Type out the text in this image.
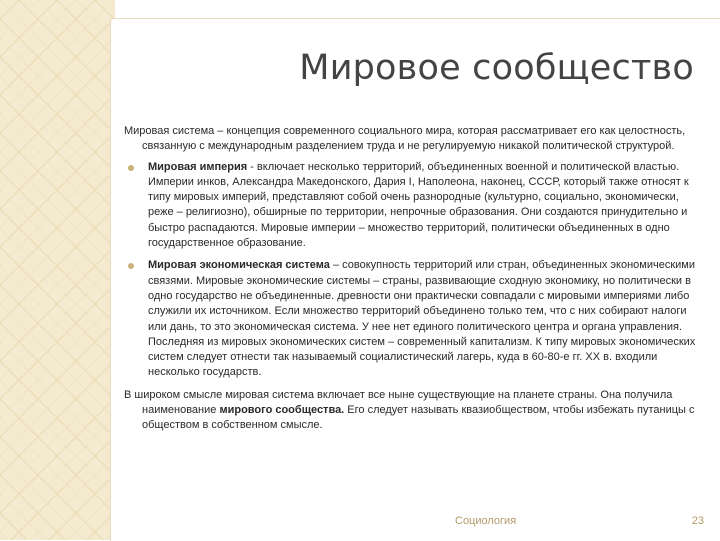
Мировое сообщество

Мировая система – концепция современного социального мира, которая рассматривает его как целостность, связанную с международным разделением труда и не регулируемую никакой политической структурой.

Мировая империя - включает несколько территорий, объединенных военной и политической властью. Империи инков, Александра Македонского, Дария I, Наполеона, наконец, СССР, который также относят к типу мировых империй, представляют собой очень разнородные (культурно, социально, экономически, реже – религиозно), обширные по территории, непрочные образования. Они создаются принудительно и быстро распадаются. Мировые империи – множество территорий, политически объединенных в одно государственное образование.
Мировая экономическая система – совокупность территорий или стран, объединенных экономическими связями. Мировые экономические системы – страны, развивающие сходную экономику, но политически в одно государство не объединенные. древности они практически совпадали с мировыми империями либо служили их источником. Если множество территорий объединено только тем, что с них собирают налоги или дань, то это экономическая система. У нее нет единого политического центра и органа управления. Последняя из мировых экономических систем – современный капитализм. К типу мировых экономических систем следует отнести так называемый социалистический лагерь, куда в 60-80-е гг. XX в. входили несколько государств.

В широком смысле мировая система включает все ныне существующие на планете страны. Она получила наименование мирового сообщества. Его следует называть квазиобществом, чтобы избежать путаницы с обществом в собственном смысле.

Социология	23
